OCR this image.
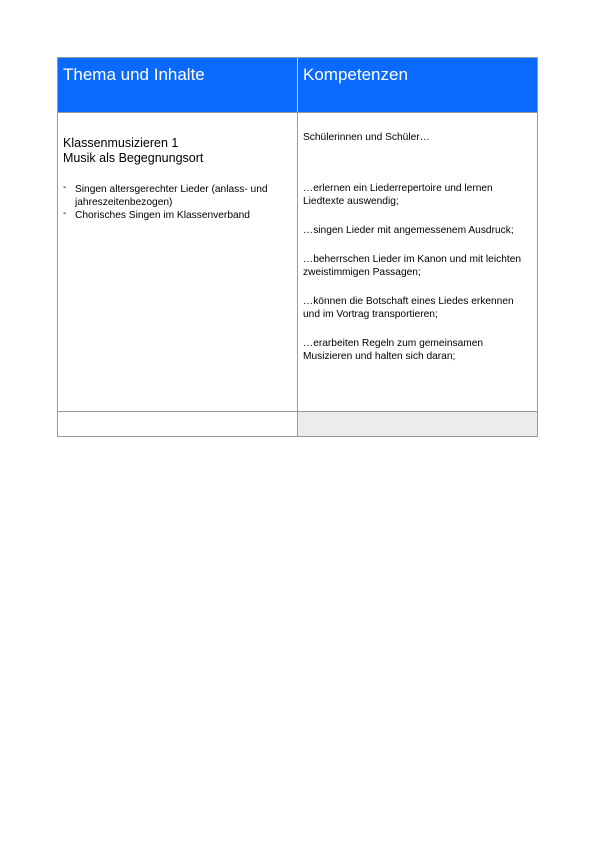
Thema und Inhalte	Kompetenzen
Klassenmusizieren 1
Musik als Begegnungsort
- Singen altersgerechter Lieder (anlass- und jahreszeitenbezogen)
- Chorisches Singen im Klassenverband

Schülerinnen und Schüler…

…erlernen ein Liederrepertoire und lernen Liedtexte auswendig;
…singen Lieder mit angemessenem Ausdruck;
…beherrschen Lieder im Kanon und mit leichten zweistimmigen Passagen;
…können die Botschaft eines Liedes erkennen und im Vortrag transportieren;
…erarbeiten Regeln zum gemeinsamen Musizieren und halten sich daran;
